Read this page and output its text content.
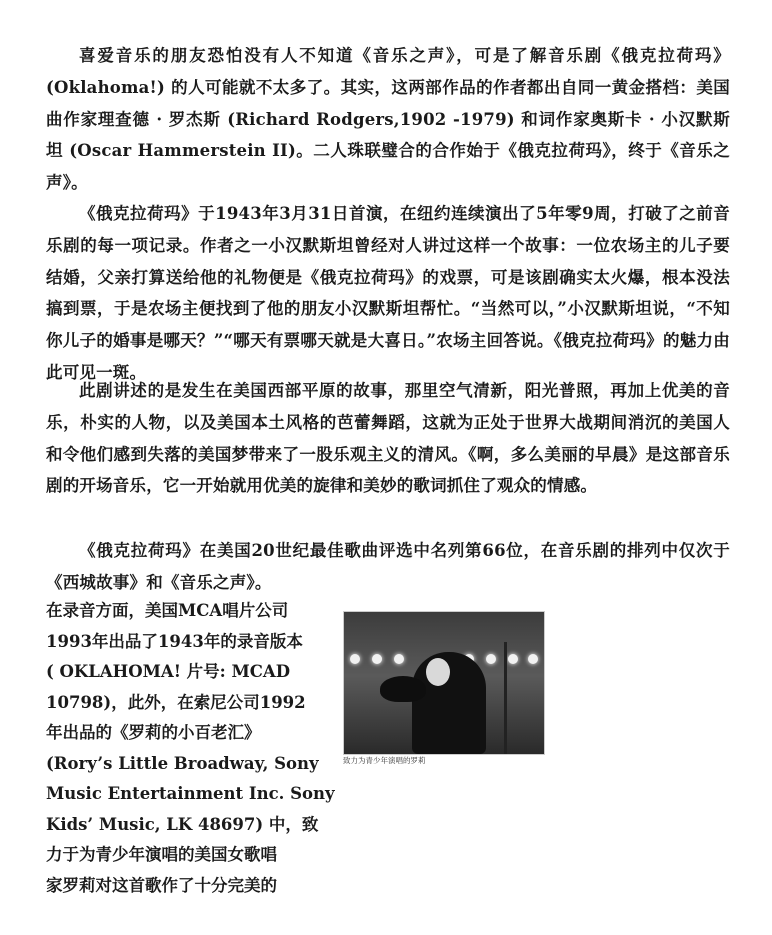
喜爱音乐的朋友恐怕没有人不知道《音乐之声》，可是了解音乐剧《俄克拉荷玛》(Oklahoma!) 的人可能就不太多了。其实，这两部作品的作者都出自同一黄金搭档：美国曲作家理查德 · 罗杰斯 (Richard Rodgers,1902 -1979) 和词作家奥斯卡 · 小汉默斯坦 (Oscar Hammerstein II)。二人珠联璧合的合作始于《俄克拉荷玛》，终于《音乐之声》。

《俄克拉荷玛》于1943年3月31日首演，在纽约连续演出了5年零9周，打破了之前音乐剧的每一项记录。作者之一小汉默斯坦曾经对人讲过这样一个故事：一位农场主的儿子要结婚，父亲打算送给他的礼物便是《俄克拉荷玛》的戏票，可是该剧确实太火爆，根本没法搞到票，于是农场主便找到了他的朋友小汉默斯坦帮忙。“当然可以，”小汉默斯坦说，“不知你儿子的婚事是哪天？”“哪天有票哪天就是大喜日。”农场主回答说。《俄克拉荷玛》的魅力由此可见一斑。

此剧讲述的是发生在美国西部平原的故事，那里空气清新，阳光普照，再加上优美的音乐，朴实的人物，以及美国本土风格的芭蕾舞蹈，这就为正处于世界大战期间消沉的美国人和令他们感到失落的美国梦带来了一股乐观主义的清风。《啊，多么美丽的早晨》是这部音乐剧的开场音乐，它一开始就用优美的旋律和美妙的歌词抓住了观众的情感。

《俄克拉荷玛》在美国20世纪最佳歌曲评选中名列第66位，在音乐剧的排列中仅次于《西城故事》和《音乐之声》。

在录音方面，美国MCA唱片公司
1993年出品了1943年的录音版本
( OKLAHOMA! 片号: MCAD
10798)，此外，在索尼公司1992
年出品的《罗莉的小百老汇》
(Rory’s Little Broadway, Sony
Music Entertainment Inc. Sony
Kids’ Music, LK 48697) 中，致
力于为青少年演唱的美国女歌唱
家罗莉对这首歌作了十分完美的
致力为青少年演唱的罗莉
